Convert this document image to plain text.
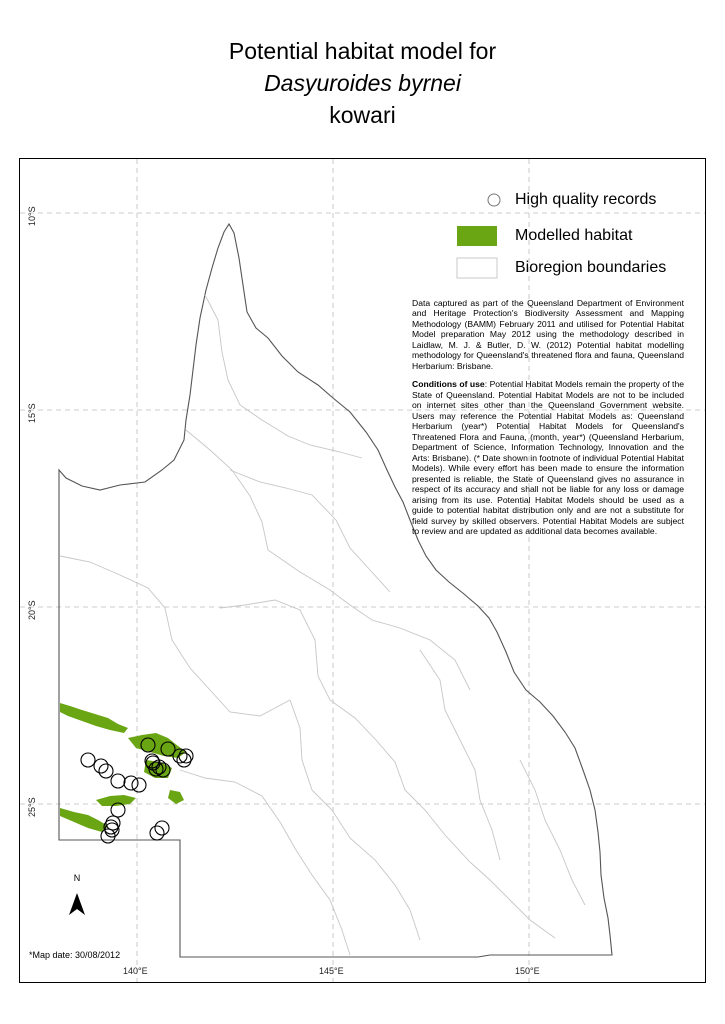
Potential habitat model for
Dasyuroides byrnei
kowari
10°S
15°S
20°S
25°S
140°E	145°E	150°E
High quality records
Modelled habitat
Bioregion boundaries

Data captured as part of the Queensland Department of Environment and Heritage Protection's Biodiversity Assessment and Mapping Methodology (BAMM) February 2011 and utilised for Potential Habitat Model preparation May 2012 using the methodology described in Laidlaw, M. J. & Butler, D. W. (2012) Potential habitat modelling methodology for Queensland's threatened flora and fauna, Queensland Herbarium: Brisbane.

Conditions of use: Potential Habitat Models remain the property of the State of Queensland. Potential Habitat Models are not to be included on internet sites other than the Queensland Government website. Users may reference the Potential Habitat Models as: Queensland Herbarium (year*) Potential Habitat Models for Queensland's Threatened Flora and Fauna, (month, year*) (Queensland Herbarium, Department of Science, Information Technology, Innovation and the Arts: Brisbane). (* Date shown in footnote of individual Potential Habitat Models). While every effort has been made to ensure the information presented is reliable, the State of Queensland gives no assurance in respect of its accuracy and shall not be liable for any loss or damage arising from its use. Potential Habitat Models should be used as a guide to potential habitat distribution only and are not a substitute for field survey by skilled observers. Potential Habitat Models are subject to review and are updated as additional data becomes available.

N
*Map date: 30/08/2012
